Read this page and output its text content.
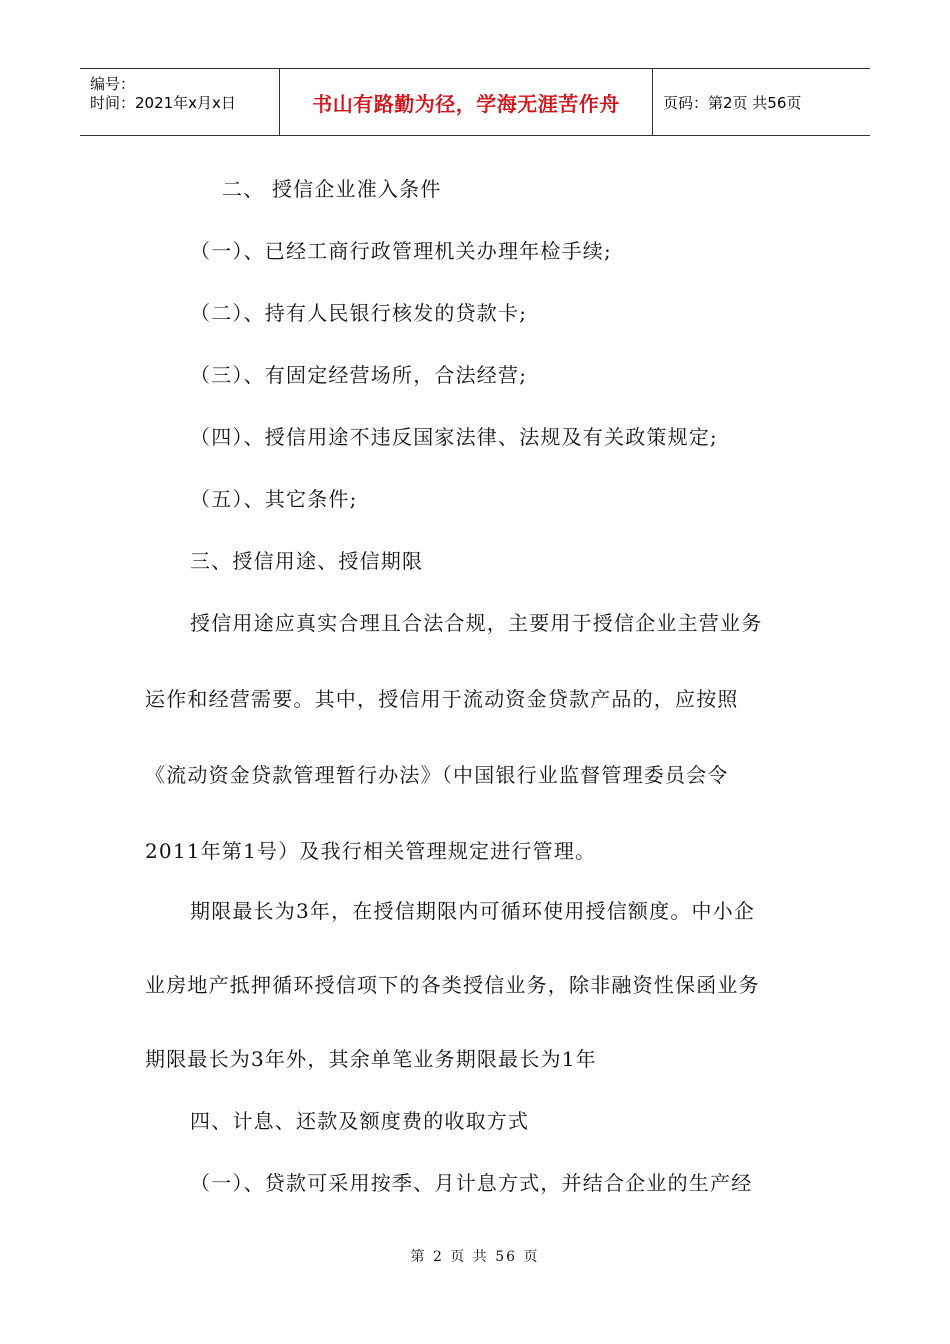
编号：
时间：2021年x月x日	书山有路勤为径，学海无涯苦作舟	页码：第2页 共56页
二、 授信企业准入条件
（一）、已经工商行政管理机关办理年检手续;
（二）、持有人民银行核发的贷款卡;
（三）、有固定经营场所，合法经营;
（四）、授信用途不违反国家法律、法规及有关政策规定;
（五）、其它条件;
三、授信用途、授信期限
授信用途应真实合理且合法合规，主要用于授信企业主营业务
运作和经营需要。其中，授信用于流动资金贷款产品的，应按照
《流动资金贷款管理暂行办法》（中国银行业监督管理委员会令
2011年第1号）及我行相关管理规定进行管理。
期限最长为3年，在授信期限内可循环使用授信额度。中小企
业房地产抵押循环授信项下的各类授信业务，除非融资性保函业务
期限最长为3年外，其余单笔业务期限最长为1年
四、计息、还款及额度费的收取方式
（一）、贷款可采用按季、月计息方式，并结合企业的生产经
第 2 页 共 56 页
